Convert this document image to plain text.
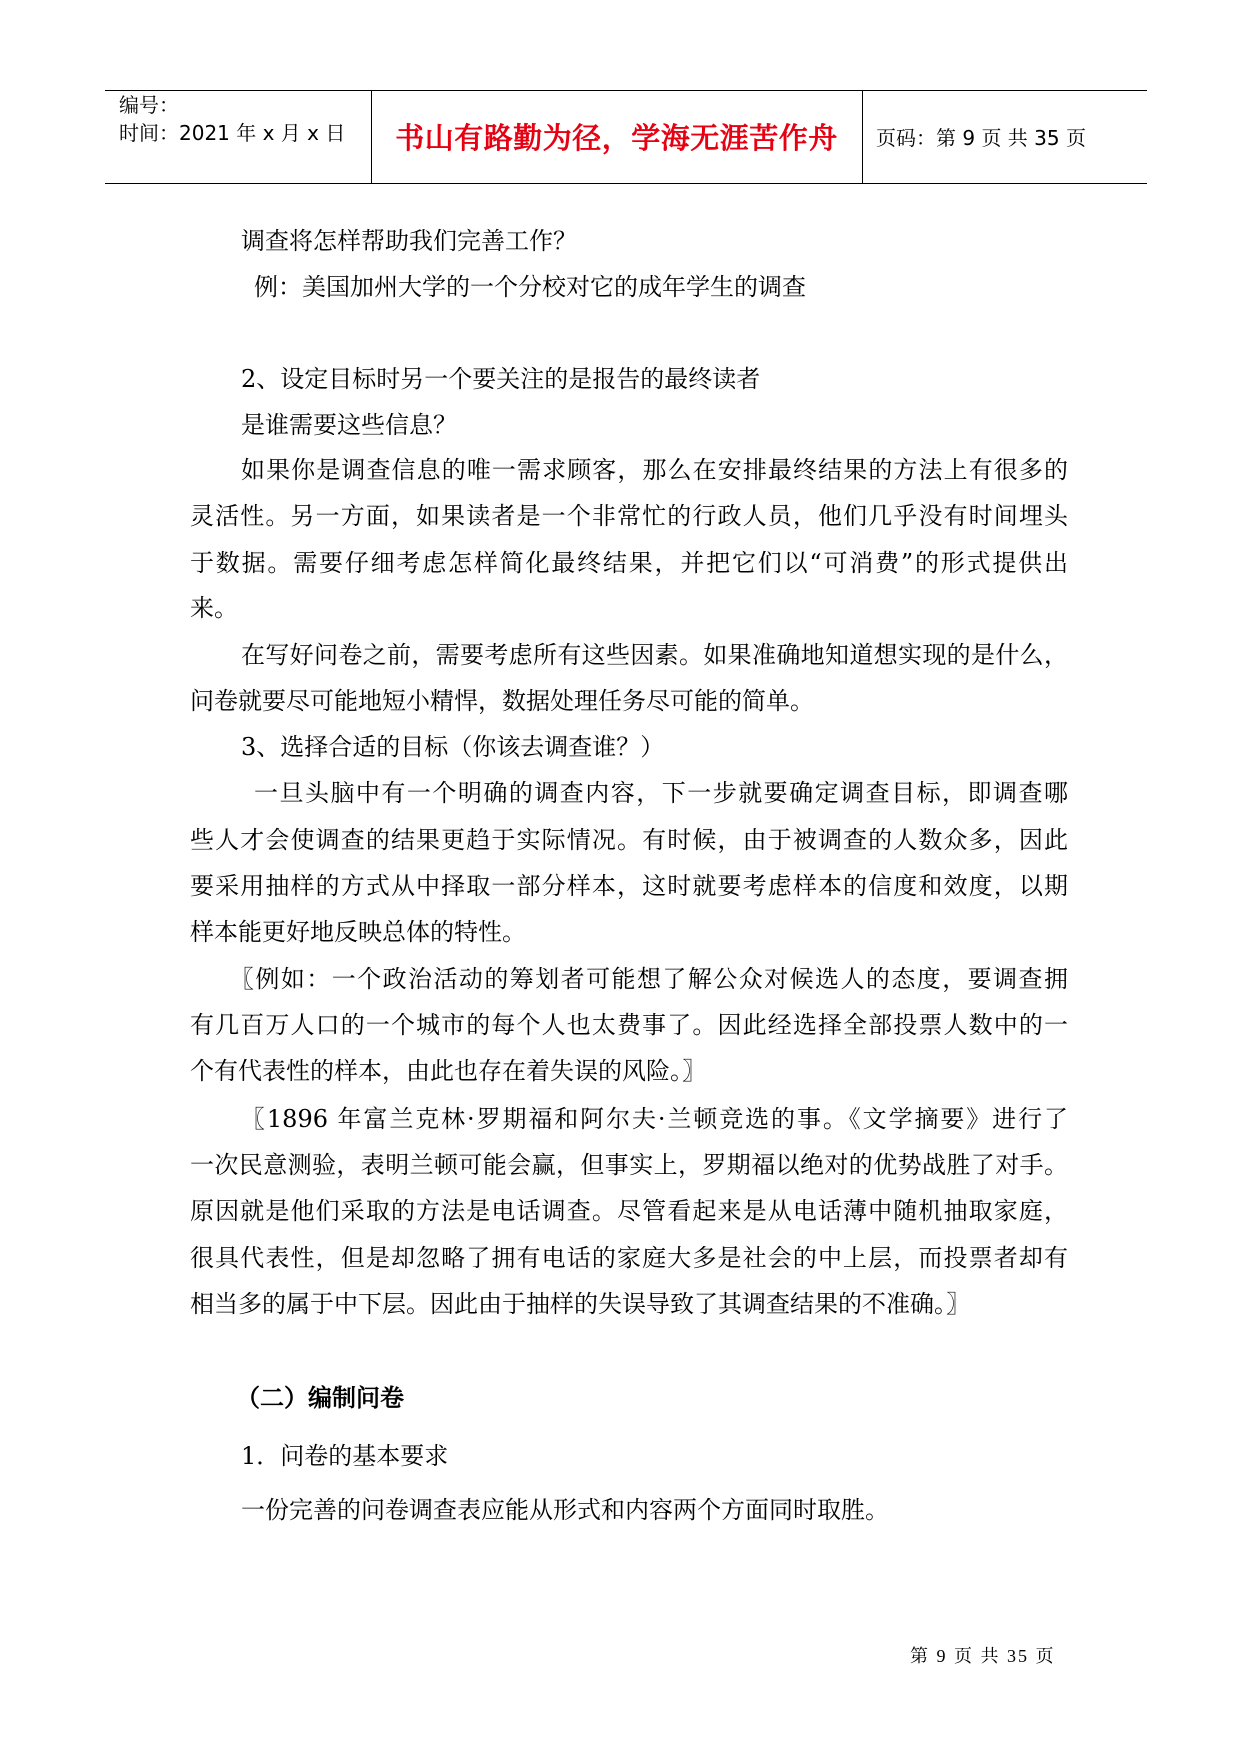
编号：
时间：2021 年 x 月 x 日	书山有路勤为径，学海无涯苦作舟	页码：第 9 页 共 35 页
调查将怎样帮助我们完善工作？
例：美国加州大学的一个分校对它的成年学生的调查
2、设定目标时另一个要关注的是报告的最终读者
是谁需要这些信息？
如果你是调查信息的唯一需求顾客，那么在安排最终结果的方法上有很多的
灵活性。另一方面，如果读者是一个非常忙的行政人员，他们几乎没有时间埋头
于数据。需要仔细考虑怎样简化最终结果，并把它们以“可消费”的形式提供出
来。
在写好问卷之前，需要考虑所有这些因素。如果准确地知道想实现的是什么，
问卷就要尽可能地短小精悍，数据处理任务尽可能的简单。
3、选择合适的目标（你该去调查谁？）
一旦头脑中有一个明确的调查内容，下一步就要确定调查目标，即调查哪
些人才会使调查的结果更趋于实际情况。有时候，由于被调查的人数众多，因此
要采用抽样的方式从中择取一部分样本，这时就要考虑样本的信度和效度，以期
样本能更好地反映总体的特性。
〖例如：一个政治活动的筹划者可能想了解公众对候选人的态度，要调查拥
有几百万人口的一个城市的每个人也太费事了。因此经选择全部投票人数中的一
个有代表性的样本，由此也存在着失误的风险。〗
〖1896 年富兰克林·罗期福和阿尔夫·兰顿竞选的事。《文学摘要》进行了
一次民意测验，表明兰顿可能会赢，但事实上，罗期福以绝对的优势战胜了对手。
原因就是他们采取的方法是电话调查。尽管看起来是从电话薄中随机抽取家庭，
很具代表性，但是却忽略了拥有电话的家庭大多是社会的中上层，而投票者却有
相当多的属于中下层。因此由于抽样的失误导致了其调查结果的不准确。〗
（二）编制问卷
1．问卷的基本要求
一份完善的问卷调查表应能从形式和内容两个方面同时取胜。
第 9 页 共 35 页
